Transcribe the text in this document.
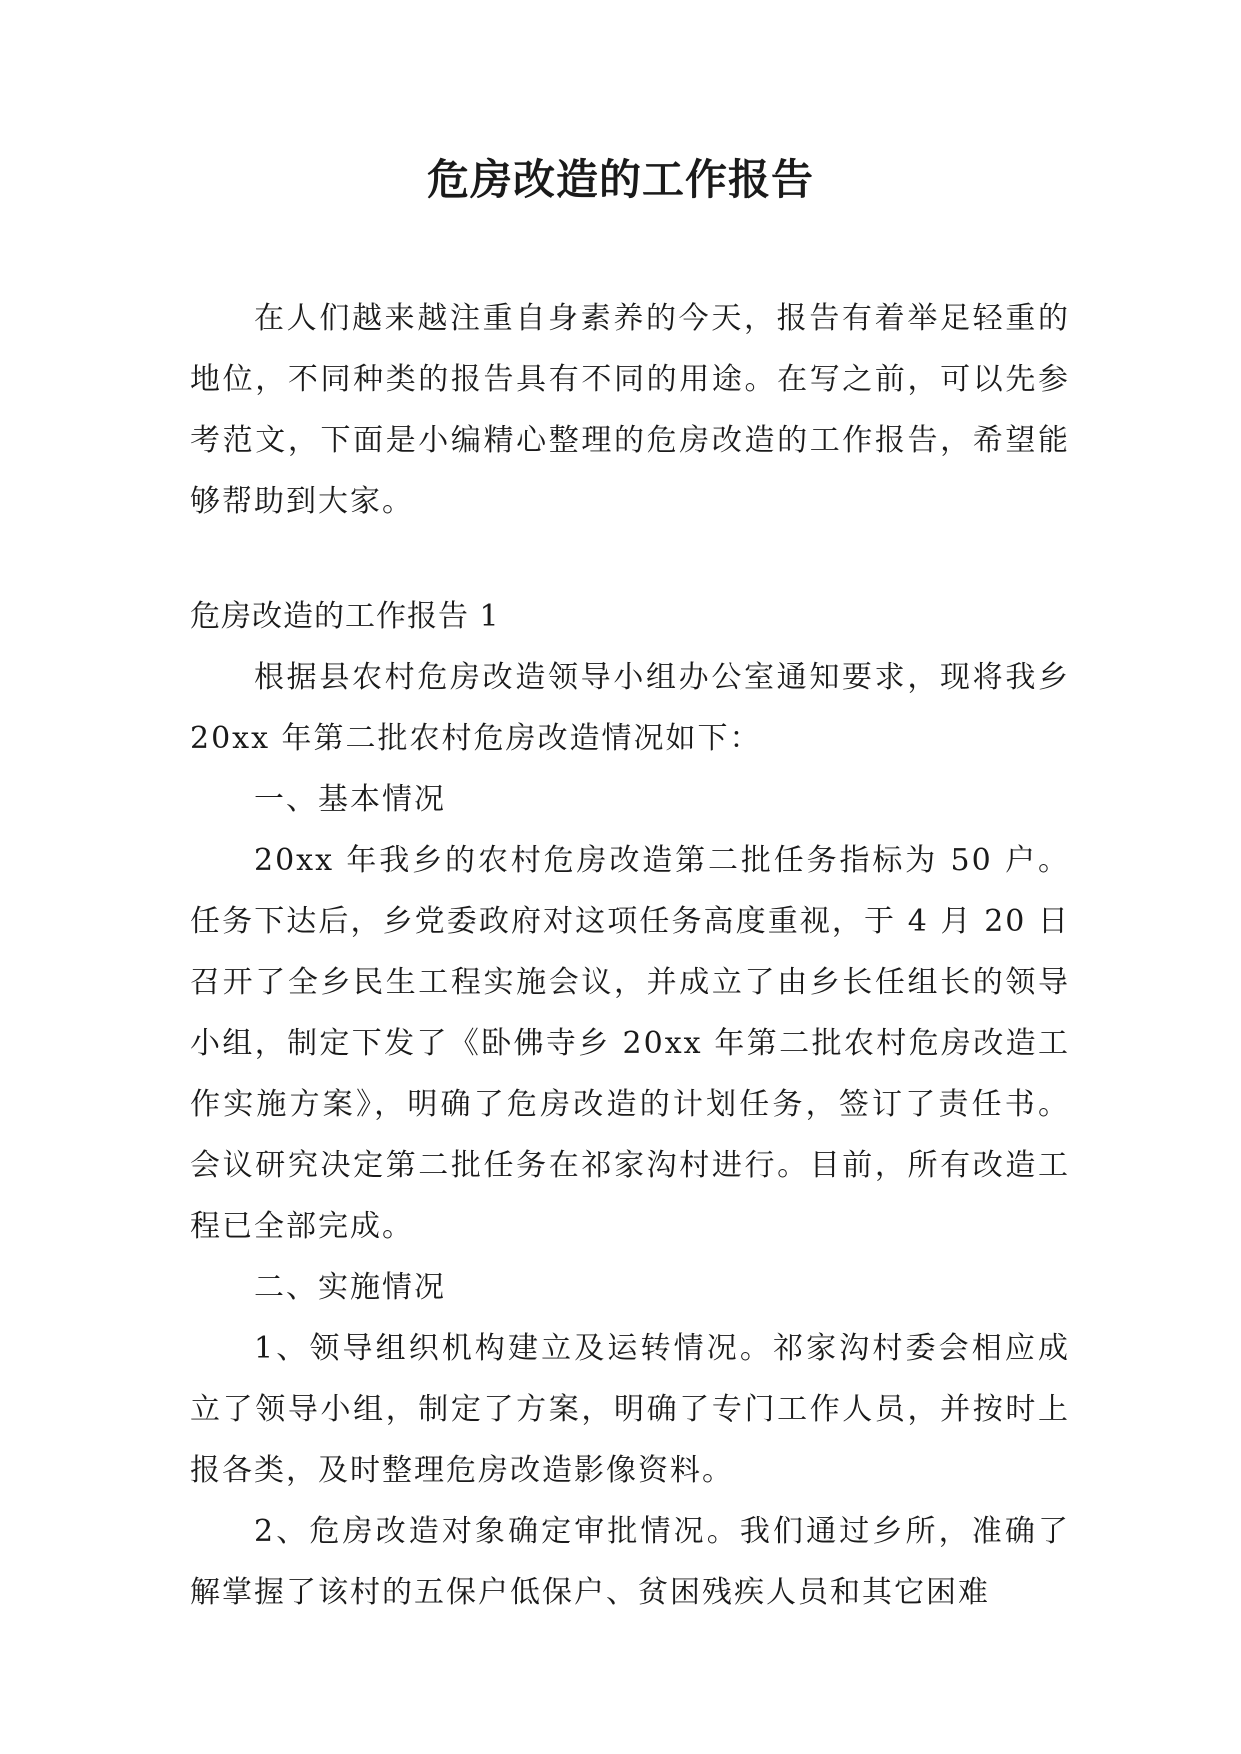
危房改造的工作报告

在人们越来越注重自身素养的今天，报告有着举足轻重的地位，不同种类的报告具有不同的用途。在写之前，可以先参考范文，下面是小编精心整理的危房改造的工作报告，希望能够帮助到大家。

危房改造的工作报告 1

根据县农村危房改造领导小组办公室通知要求，现将我乡 20xx 年第二批农村危房改造情况如下：

一、基本情况

20xx 年我乡的农村危房改造第二批任务指标为 50 户。任务下达后，乡党委政府对这项任务高度重视，于 4 月 20 日召开了全乡民生工程实施会议，并成立了由乡长任组长的领导小组，制定下发了《卧佛寺乡 20xx 年第二批农村危房改造工作实施方案》，明确了危房改造的计划任务，签订了责任书。会议研究决定第二批任务在祁家沟村进行。目前，所有改造工程已全部完成。

二、实施情况

1、领导组织机构建立及运转情况。祁家沟村委会相应成立了领导小组，制定了方案，明确了专门工作人员，并按时上报各类，及时整理危房改造影像资料。

2、危房改造对象确定审批情况。我们通过乡所，准确了解掌握了该村的五保户低保户、贫困残疾人员和其它困难
